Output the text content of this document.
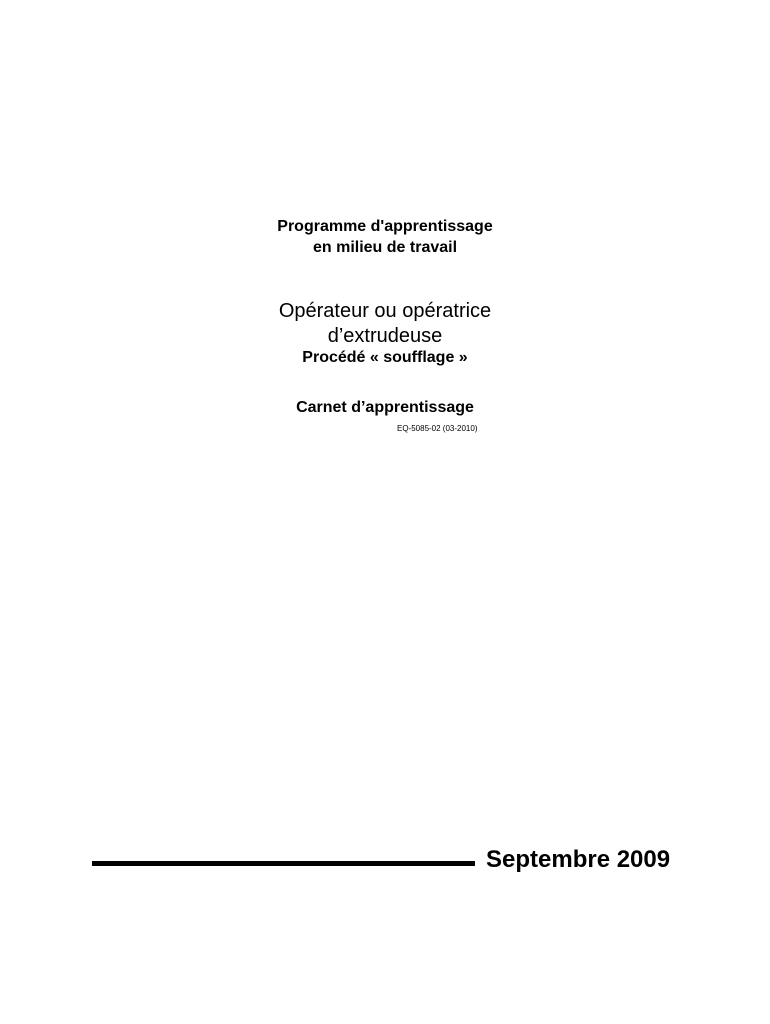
Programme d'apprentissage
en milieu de travail
Opérateur ou opératrice
d’extrudeuse
Procédé « soufflage »
Carnet d’apprentissage
EQ-5085-02 (03-2010)
Septembre 2009
